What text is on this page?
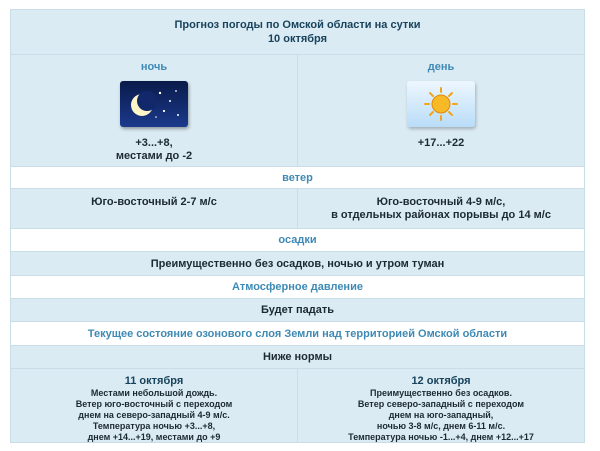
Прогноз погоды по Омской области на сутки
10 октября
ночь
+3...+8,
местами до -2
день
+17...+22
ветер
Юго-восточный 2-7 м/с	Юго-восточный 4-9 м/с,
в отдельных районах порывы до 14 м/с
осадки
Преимущественно без осадков, ночью и утром туман
Атмосферное давление
Будет падать
Текущее состояние озонового слоя Земли над территорией Омской области
Ниже нормы
11 октября
Местами небольшой дождь.
Ветер юго-восточный с переходом
днем на северо-западный 4-9 м/с.
Температура ночью +3...+8,
днем +14...+19, местами до +9
12 октября
Преимущественно без осадков.
Ветер северо-западный с переходом
днем на юго-западный,
ночью 3-8 м/с, днем 6-11 м/с.
Температура ночью -1...+4, днем +12...+17
